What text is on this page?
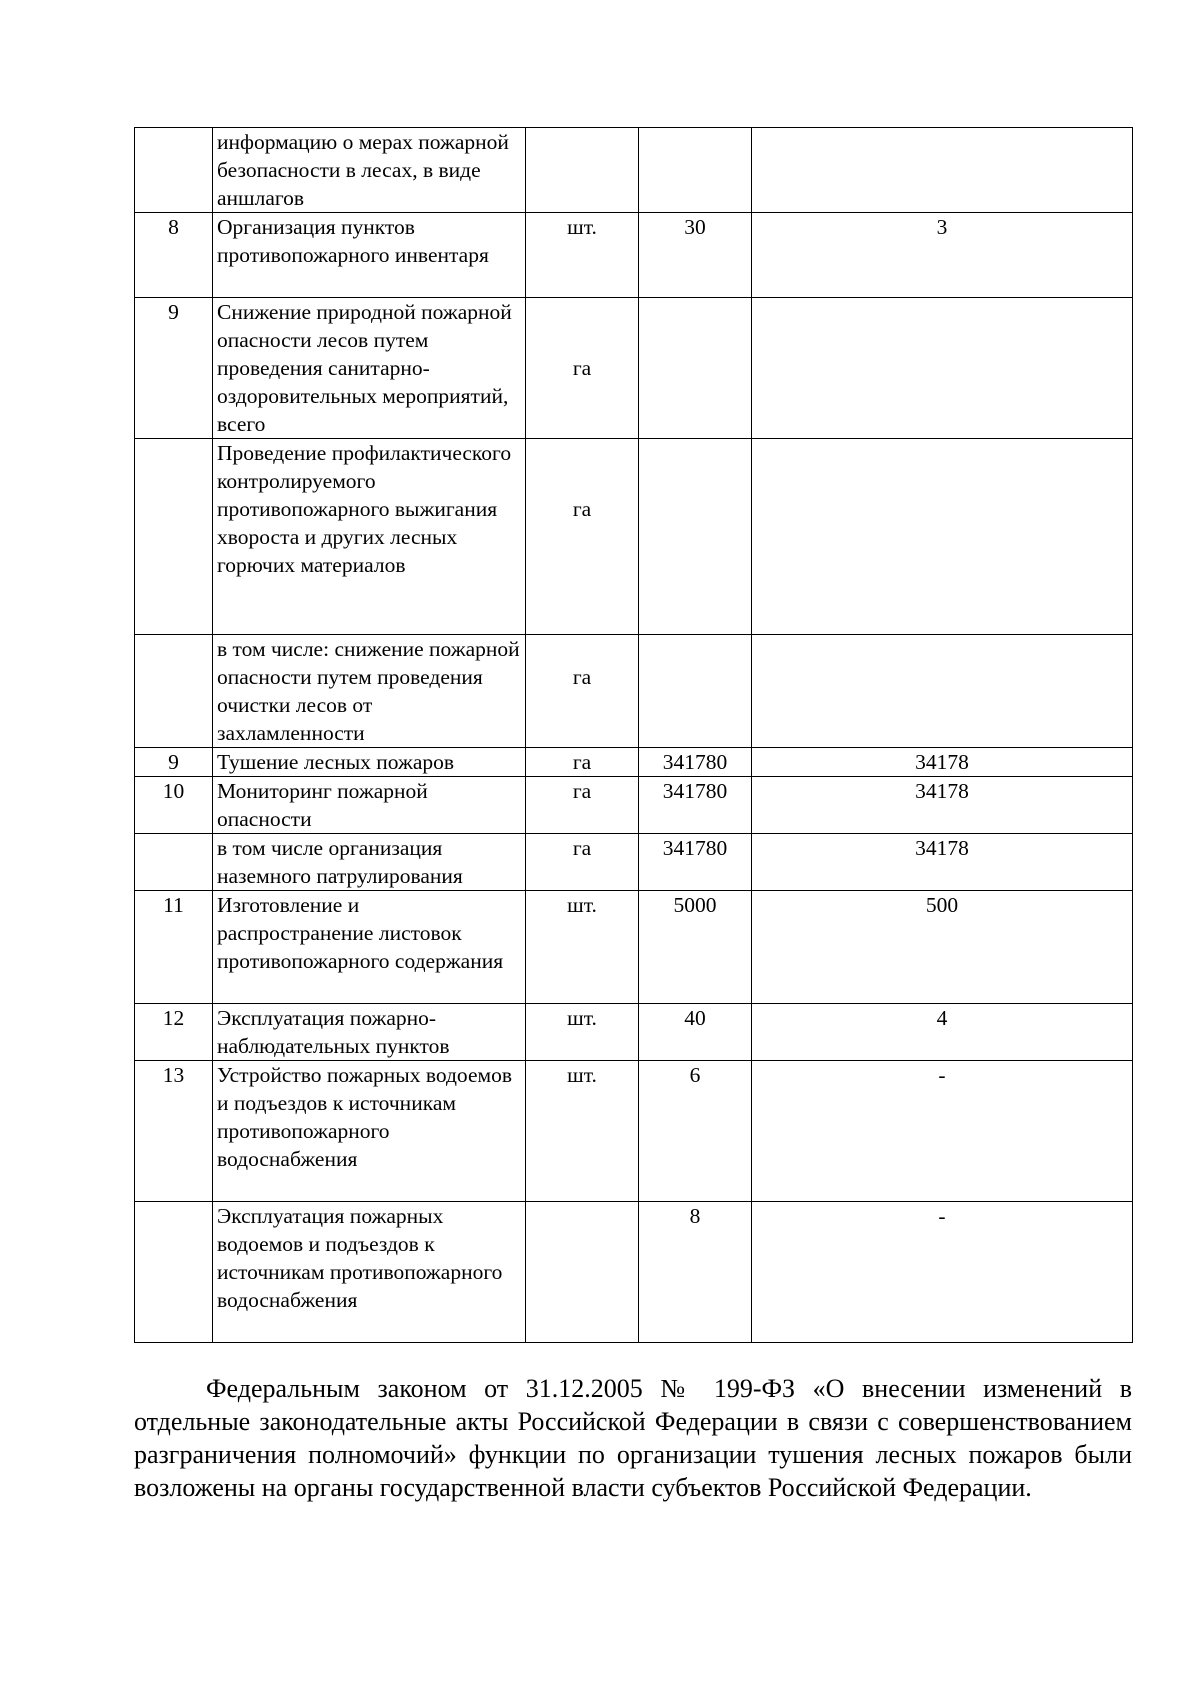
	информацию о мерах пожарной безопасности в лесах, в виде аншлагов			
8	Организация пунктов противопожарного инвентаря	шт.	30	3
9	Снижение природной пожарной опасности лесов путем проведения санитарно-оздоровительных мероприятий, всего	га		
	Проведение профилактического контролируемого противопожарного выжигания хвороста и других лесных горючих материалов	га		
	в том числе: снижение пожарной опасности путем проведения очистки лесов от захламленности	га		
9	Тушение лесных пожаров	га	341780	34178
10	Мониторинг пожарной опасности	га	341780	34178
	в том числе организация наземного патрулирования	га	341780	34178
11	Изготовление и распространение листовок противопожарного содержания	шт.	5000	500
12	Эксплуатация пожарно-наблюдательных пунктов	шт.	40	4
13	Устройство пожарных водоемов и подъездов к источникам противопожарного водоснабжения	шт.	6	-
	Эксплуатация пожарных водоемов и подъездов к источникам противопожарного водоснабжения		8	-

Федеральным законом от 31.12.2005 № 199-ФЗ «О внесении изменений в отдельные законодательные акты Российской Федерации в связи с совершенствованием разграничения полномочий» функции по организации тушения лесных пожаров были возложены на органы государственной власти субъектов Российской Федерации.
